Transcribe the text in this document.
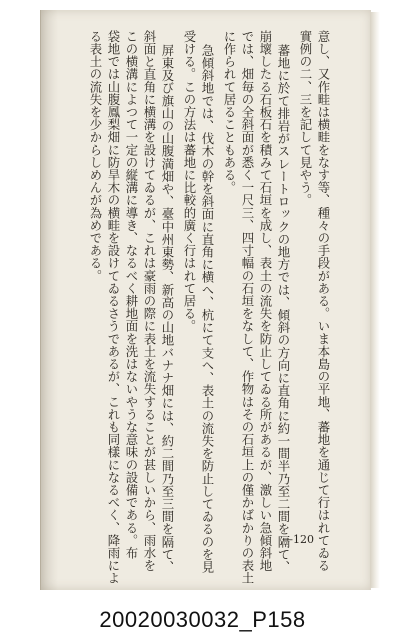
意し、又作畦は横畦をなす等、種々の手段がある。いま本島の平地、蕃地を通じて行はれてゐる
實例の二、三を記して見やう。
蕃地に於て排岩がスレートロックの地方では、傾斜の方向に直角に約一間半乃至二間を隔て、
崩壞したる石板石を積みて石垣を成し、表土の流失を防止してゐる所があるが、激しい急傾斜地
では、畑毎の全斜面が悉く一尺三、四寸幅の石垣をなして、作物はその石垣上の僅かばかりの表土
に作られて居ることもある。
急傾斜地では、伐木の幹を斜面に直角に横へ、杭にて支へ、表土の流失を防止してゐるのを見
受ける。この方法は蕃地に比較的廣く行はれて居る。
屏東及び旗山の山腹満畑や、臺中州東勢、新高の山地バナナ畑には、約二間乃至三間を隔て、
斜面と直角に横溝を設けてゐるが、これは豪雨の際に表土を流失することが甚しいから、雨水を
この横溝によつて一定の縦溝に導き、なるべく耕地面を洗はないやうな意味の設備である。布
袋地では山腹鳳梨畑に防旱木の横畦を設けてゐるさうであるが、これも同樣になるべく、降雨によ
る表土の流失を少からしめんが為めである。
—120
20020030032_P158
